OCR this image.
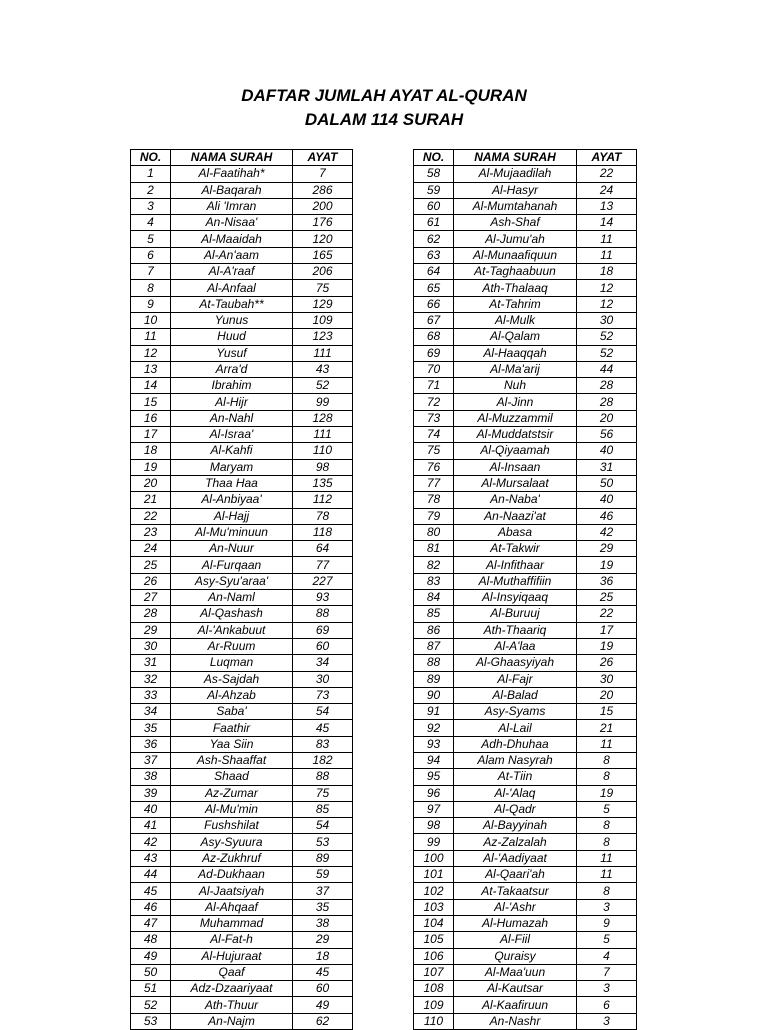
DAFTAR JUMLAH AYAT AL-QURAN
DALAM 114 SURAH
NO.	NAMA SURAH	AYAT
1	Al-Faatihah*	7
2	Al-Baqarah	286
3	Ali 'Imran	200
4	An-Nisaa'	176
5	Al-Maaidah	120
6	Al-An'aam	165
7	Al-A'raaf	206
8	Al-Anfaal	75
9	At-Taubah**	129
10	Yunus	109
11	Huud	123
12	Yusuf	111
13	Arra'd	43
14	Ibrahim	52
15	Al-Hijr	99
16	An-Nahl	128
17	Al-Israa'	111
18	Al-Kahfi	110
19	Maryam	98
20	Thaa Haa	135
21	Al-Anbiyaa'	112
22	Al-Hajj	78
23	Al-Mu'minuun	118
24	An-Nuur	64
25	Al-Furqaan	77
26	Asy-Syu'araa'	227
27	An-Naml	93
28	Al-Qashash	88
29	Al-'Ankabuut	69
30	Ar-Ruum	60
31	Luqman	34
32	As-Sajdah	30
33	Al-Ahzab	73
34	Saba'	54
35	Faathir	45
36	Yaa Siin	83
37	Ash-Shaaffat	182
38	Shaad	88
39	Az-Zumar	75
40	Al-Mu'min	85
41	Fushshilat	54
42	Asy-Syuura	53
43	Az-Zukhruf	89
44	Ad-Dukhaan	59
45	Al-Jaatsiyah	37
46	Al-Ahqaaf	35
47	Muhammad	38
48	Al-Fat-h	29
49	Al-Hujuraat	18
50	Qaaf	45
51	Adz-Dzaariyaat	60
52	Ath-Thuur	49
53	An-Najm	62
NO.	NAMA SURAH	AYAT
58	Al-Mujaadilah	22
59	Al-Hasyr	24
60	Al-Mumtahanah	13
61	Ash-Shaf	14
62	Al-Jumu'ah	11
63	Al-Munaafiquun	11
64	At-Taghaabuun	18
65	Ath-Thalaaq	12
66	At-Tahrim	12
67	Al-Mulk	30
68	Al-Qalam	52
69	Al-Haaqqah	52
70	Al-Ma'arij	44
71	Nuh	28
72	Al-Jinn	28
73	Al-Muzzammil	20
74	Al-Muddatstsir	56
75	Al-Qiyaamah	40
76	Al-Insaan	31
77	Al-Mursalaat	50
78	An-Naba'	40
79	An-Naazi'at	46
80	Abasa	42
81	At-Takwir	29
82	Al-Infithaar	19
83	Al-Muthaffifiin	36
84	Al-Insyiqaaq	25
85	Al-Buruuj	22
86	Ath-Thaariq	17
87	Al-A'laa	19
88	Al-Ghaasyiyah	26
89	Al-Fajr	30
90	Al-Balad	20
91	Asy-Syams	15
92	Al-Lail	21
93	Adh-Dhuhaa	11
94	Alam Nasyrah	8
95	At-Tiin	8
96	Al-'Alaq	19
97	Al-Qadr	5
98	Al-Bayyinah	8
99	Az-Zalzalah	8
100	Al-'Aadiyaat	11
101	Al-Qaari'ah	11
102	At-Takaatsur	8
103	Al-'Ashr	3
104	Al-Humazah	9
105	Al-Fiil	5
106	Quraisy	4
107	Al-Maa'uun	7
108	Al-Kautsar	3
109	Al-Kaafiruun	6
110	An-Nashr	3
